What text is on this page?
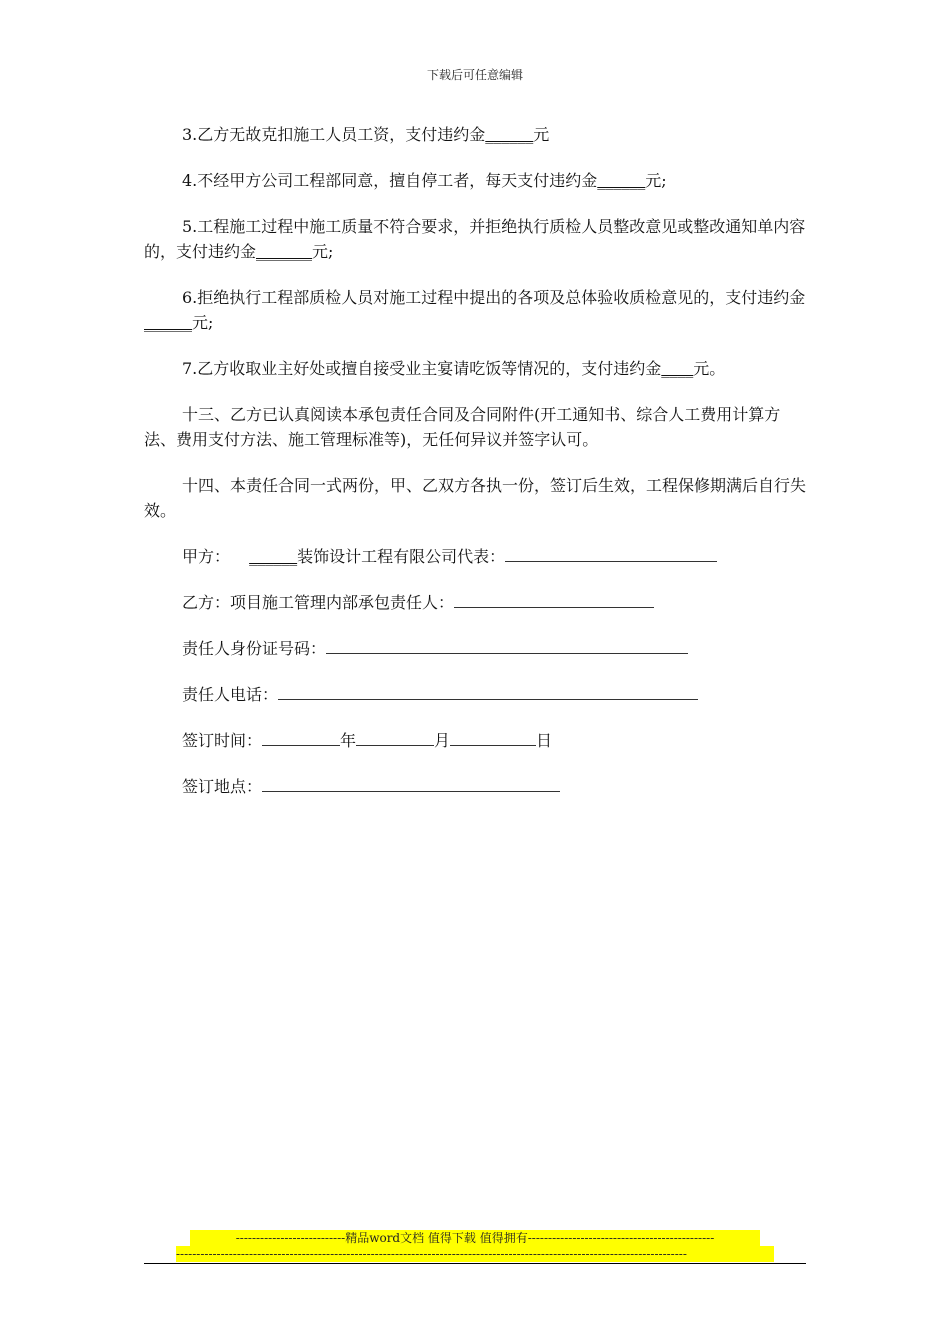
下载后可任意编辑

3.乙方无故克扣施工人员工资，支付违约金______元

4.不经甲方公司工程部同意，擅自停工者，每天支付违约金______元;

5.工程施工过程中施工质量不符合要求，并拒绝执行质检人员整改意见或整改通知单内容的，支付违约金_______元;

6.拒绝执行工程部质检人员对施工过程中提出的各项及总体验收质检意见的，支付违约金______元;

7.乙方收取业主好处或擅自接受业主宴请吃饭等情况的，支付违约金____元。

十三、乙方已认真阅读本承包责任合同及合同附件(开工通知书、综合人工费用计算方法、费用支付方法、施工管理标准等)，无任何异议并签字认可。

十四、本责任合同一式两份，甲、乙双方各执一份，签订后生效，工程保修期满后自行失效。

甲方： ______装饰设计工程有限公司代表：
乙方：项目施工管理内部承包责任人：
责任人身份证号码：
责任人电话：
签订时间：	年	月	日
签订地点：
---------------------------精品word文档 值得下载 值得拥有----------------------------------------------
------------------------------------------------------------------------------------------------------------------------------
